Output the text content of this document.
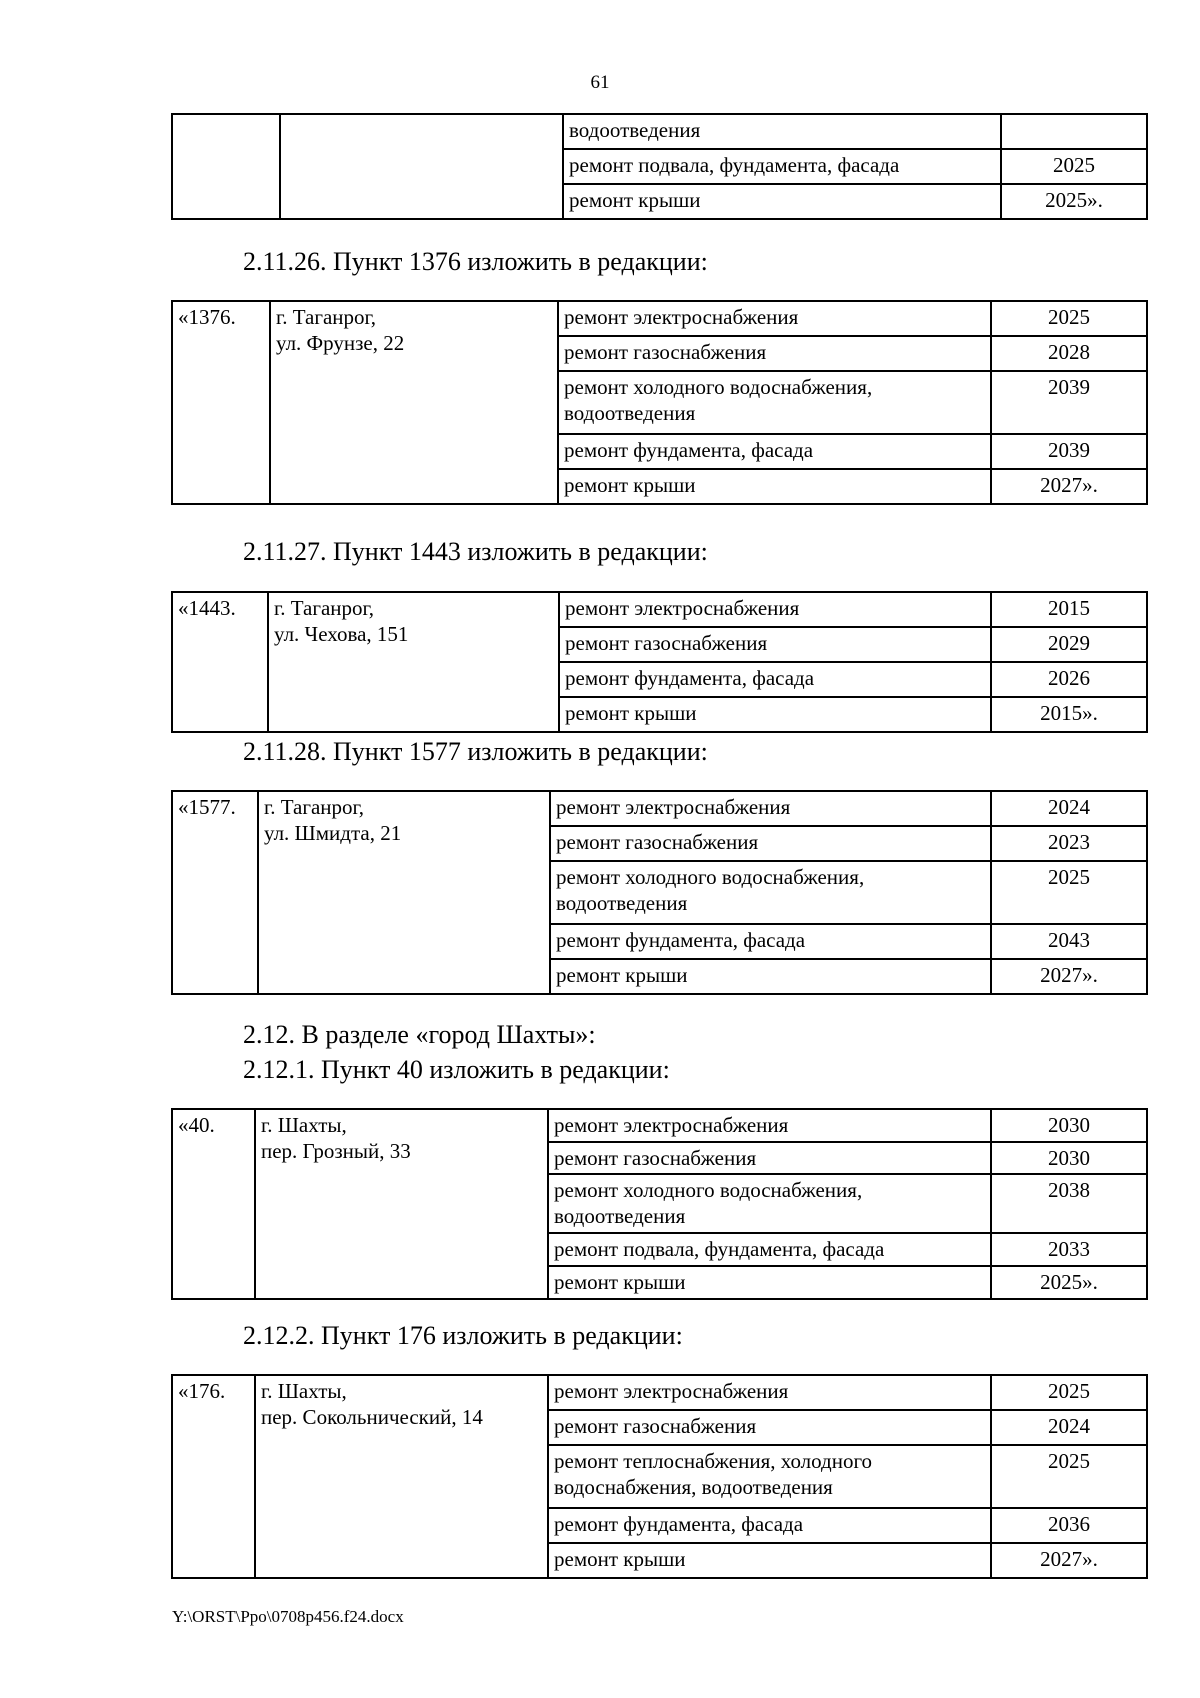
61
		водоотведения	
		ремонт подвала, фундамента, фасада	2025
		ремонт крыши	2025».
2.11.26. Пункт 1376 изложить в редакции:
«1376.	г. Таганрог,
ул. Фрунзе, 22	ремонт электроснабжения	2025
		ремонт газоснабжения	2028

		ремонт холодного водоснабжения,
водоотведения	2039
		ремонт фундамента, фасада	2039
		ремонт крыши	2027».
2.11.27. Пункт 1443 изложить в редакции:
«1443.	г. Таганрог,
ул. Чехова, 151	ремонт электроснабжения	2015
		ремонт газоснабжения	2029
		ремонт фундамента, фасада	2026
		ремонт крыши	2015».
2.11.28. Пункт 1577 изложить в редакции:
«1577.	г. Таганрог,
ул. Шмидта, 21	ремонт электроснабжения	2024
		ремонт газоснабжения	2023

		ремонт холодного водоснабжения,
водоотведения	2025
		ремонт фундамента, фасада	2043
		ремонт крыши	2027».
2.12. В разделе «город Шахты»:
2.12.1. Пункт 40 изложить в редакции:
«40.	г. Шахты,
пер. Грозный, 33	ремонт электроснабжения	2030
		ремонт газоснабжения	2030

		ремонт холодного водоснабжения,
водоотведения	2038
		ремонт подвала, фундамента, фасада	2033
		ремонт крыши	2025».
2.12.2. Пункт 176 изложить в редакции:
«176.	г. Шахты,
пер. Сокольнический, 14	ремонт электроснабжения	2025
		ремонт газоснабжения	2024

		ремонт теплоснабжения, холодного
водоснабжения, водоотведения	2025
		ремонт фундамента, фасада	2036
		ремонт крыши	2027».
Y:\ORST\Ppo\0708p456.f24.docx
